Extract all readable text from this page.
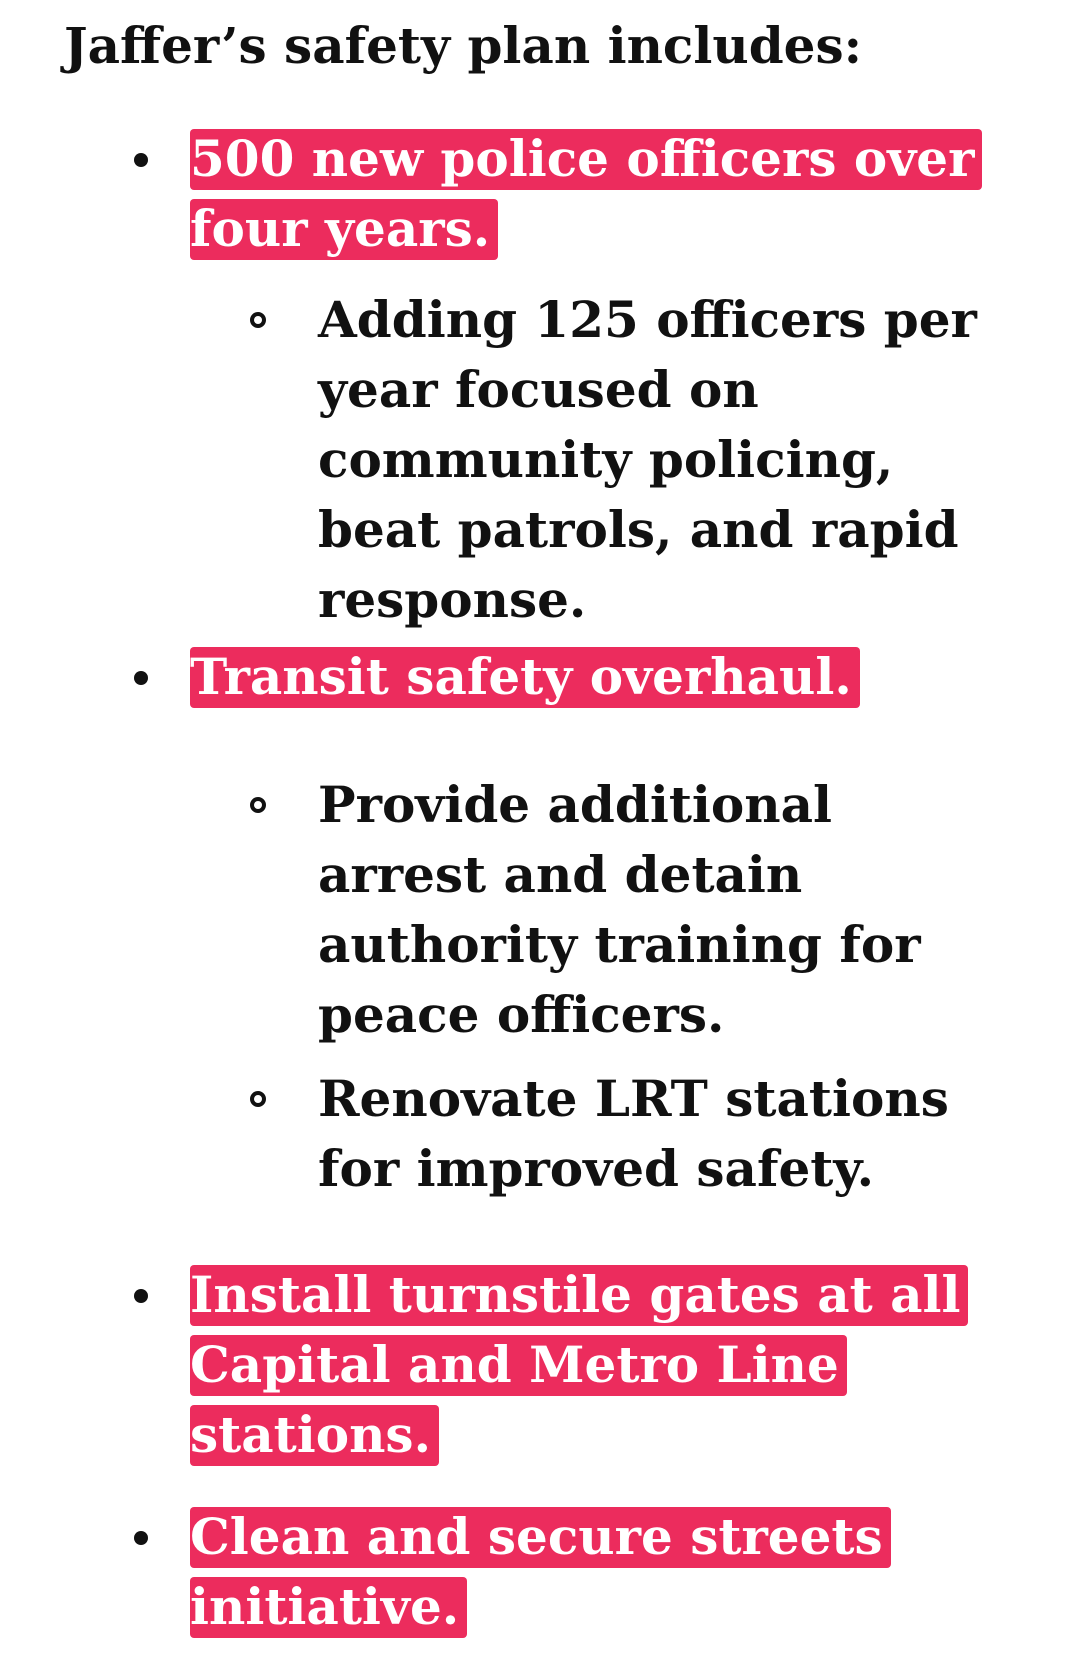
Jaffer’s safety plan includes:
500 new police officers over four years.
Adding 125 officers per year focused on community policing, beat patrols, and rapid response.
Transit safety overhaul.
Provide additional arrest and detain authority training for peace officers.
Renovate LRT stations for improved safety.
Install turnstile gates at all Capital and Metro Line stations.
Clean and secure streets initiative.
